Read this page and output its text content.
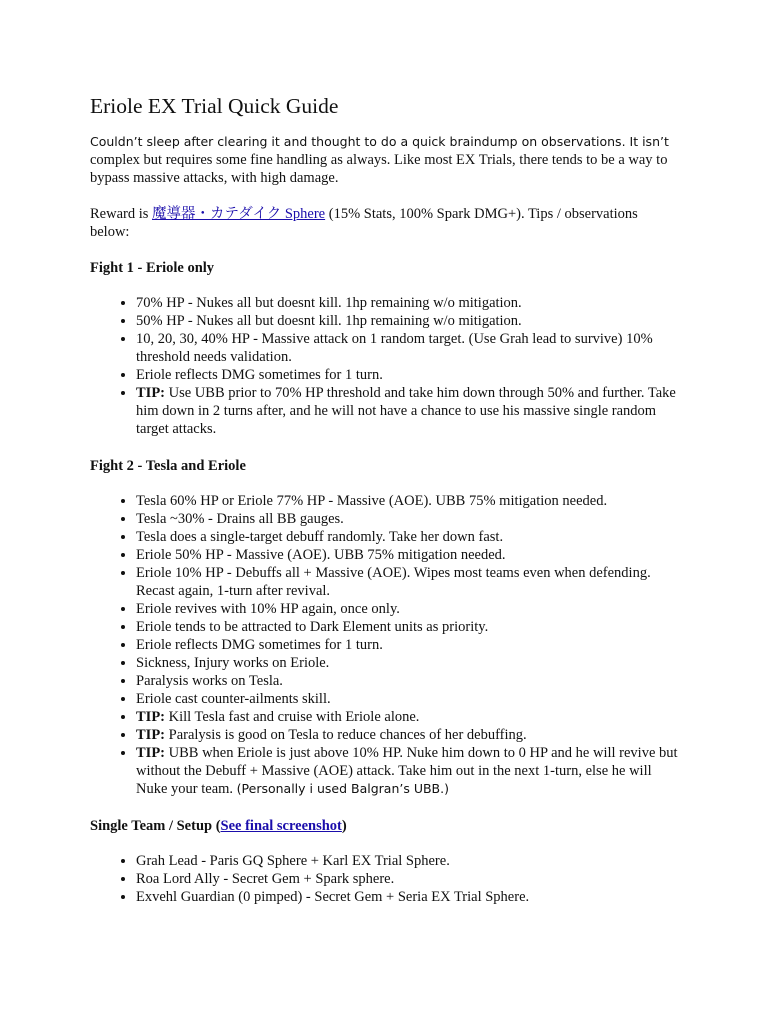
Eriole EX Trial Quick Guide

Couldn’t sleep after clearing it and thought to do a quick braindump on observations. It isn’t complex but requires some fine handling as always. Like most EX Trials, there tends to be a way to bypass massive attacks, with high damage.

Reward is 魔導器・カテダイク Sphere (15% Stats, 100% Spark DMG+). Tips / observations below:

Fight 1 - Eriole only
• 70% HP - Nukes all but doesnt kill. 1hp remaining w/o mitigation.
• 50% HP - Nukes all but doesnt kill. 1hp remaining w/o mitigation.
• 10, 20, 30, 40% HP - Massive attack on 1 random target. (Use Grah lead to survive) 10% threshold needs validation.
• Eriole reflects DMG sometimes for 1 turn.
• TIP: Use UBB prior to 70% HP threshold and take him down through 50% and further. Take him down in 2 turns after, and he will not have a chance to use his massive single random target attacks.
Fight 2 - Tesla and Eriole
• Tesla 60% HP or Eriole 77% HP - Massive (AOE). UBB 75% mitigation needed.
• Tesla ~30% - Drains all BB gauges.
• Tesla does a single-target debuff randomly. Take her down fast.
• Eriole 50% HP - Massive (AOE). UBB 75% mitigation needed.
• Eriole 10% HP - Debuffs all + Massive (AOE). Wipes most teams even when defending. Recast again, 1-turn after revival.
• Eriole revives with 10% HP again, once only.
• Eriole tends to be attracted to Dark Element units as priority.
• Eriole reflects DMG sometimes for 1 turn.
• Sickness, Injury works on Eriole.
• Paralysis works on Tesla.
• Eriole cast counter-ailments skill.
• TIP: Kill Tesla fast and cruise with Eriole alone.
• TIP: Paralysis is good on Tesla to reduce chances of her debuffing.
• TIP: UBB when Eriole is just above 10% HP. Nuke him down to 0 HP and he will revive but without the Debuff + Massive (AOE) attack. Take him out in the next 1-turn, else he will Nuke your team. (Personally i used Balgran’s UBB.)
Single Team / Setup (See final screenshot)
• Grah Lead - Paris GQ Sphere + Karl EX Trial Sphere.
• Roa Lord Ally - Secret Gem + Spark sphere.
• Exvehl Guardian (0 pimped) - Secret Gem + Seria EX Trial Sphere.
